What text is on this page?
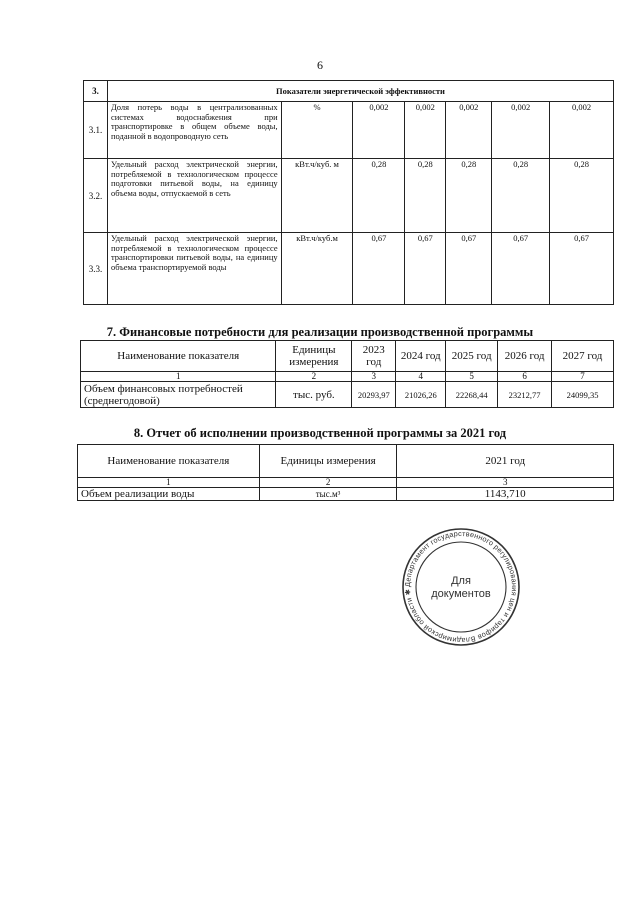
6
3.	Показатели энергетической эффективности						
3.1.	Доля потерь воды в централизованных системах водоснабжения при транспортировке в общем объеме воды, поданной в водопроводную сеть	%	0,002	0,002	0,002	0,002	0,002
3.2.	Удельный расход электрической энергии, потребляемой в технологическом процессе подготовки питьевой воды, на единицу объема воды, отпускаемой в сеть	кВт.ч/куб. м	0,28	0,28	0,28	0,28	0,28
3.3.	Удельный расход электрической энергии, потребляемой в технологическом процессе транспортировки питьевой воды, на единицу объема транспортируемой воды	кВт.ч/куб.м	0,67	0,67	0,67	0,67	0,67
7. Финансовые потребности для реализации производственной программы
Наименование показателя	Единицы измерения	2023 год	2024 год	2025 год	2026 год	2027 год
1	2	3	4	5	6	7
Объем финансовых потребностей (среднегодовой)	тыс. руб.	20293,97	21026,26	22268,44	23212,77	24099,35
8. Отчет об исполнении производственной программы за 2021 год
Наименование показателя	Единицы измерения	2021 год
1	2	3
Объем реализации воды	тыс.м³	1143,710
Департамент государственного регулирования цен и тарифов Владимирской области ✱
Для
документов
